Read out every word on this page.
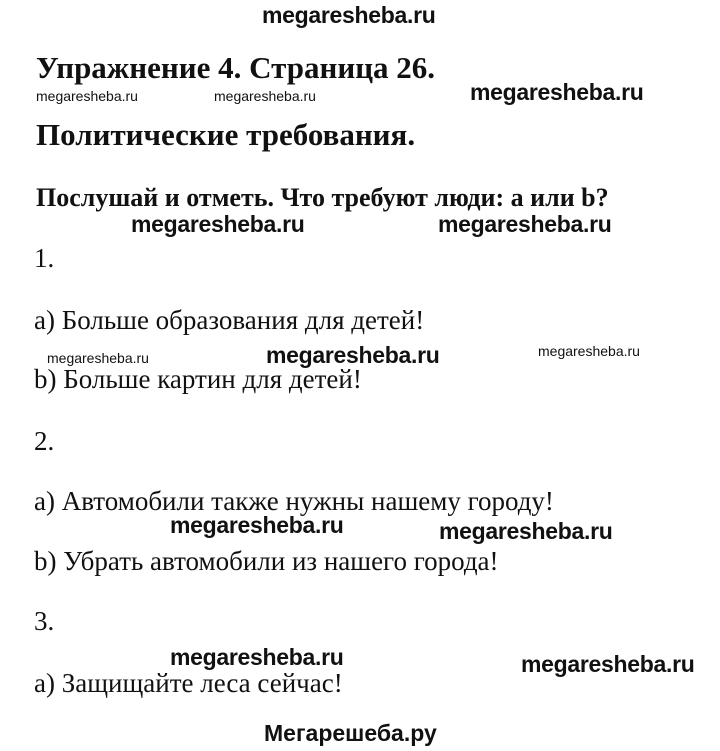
megaresheba.ru
megaresheba.ru	megaresheba.ru	megaresheba.ru
megaresheba.ru	megaresheba.ru
megaresheba.ru	megaresheba.ru	megaresheba.ru
megaresheba.ru	megaresheba.ru
megaresheba.ru	megaresheba.ru
Упражнение 4. Страница 26.
Политические требования.
Послушай и отметь. Что требуют люди: a или b?
1.
а) Больше образования для детей!
b) Больше картин для детей!
2.
а) Автомобили также нужны нашему городу!
b) Убрать автомобили из нашего города!
3.
а) Защищайте леса сейчас!
Мегарешеба.ру
